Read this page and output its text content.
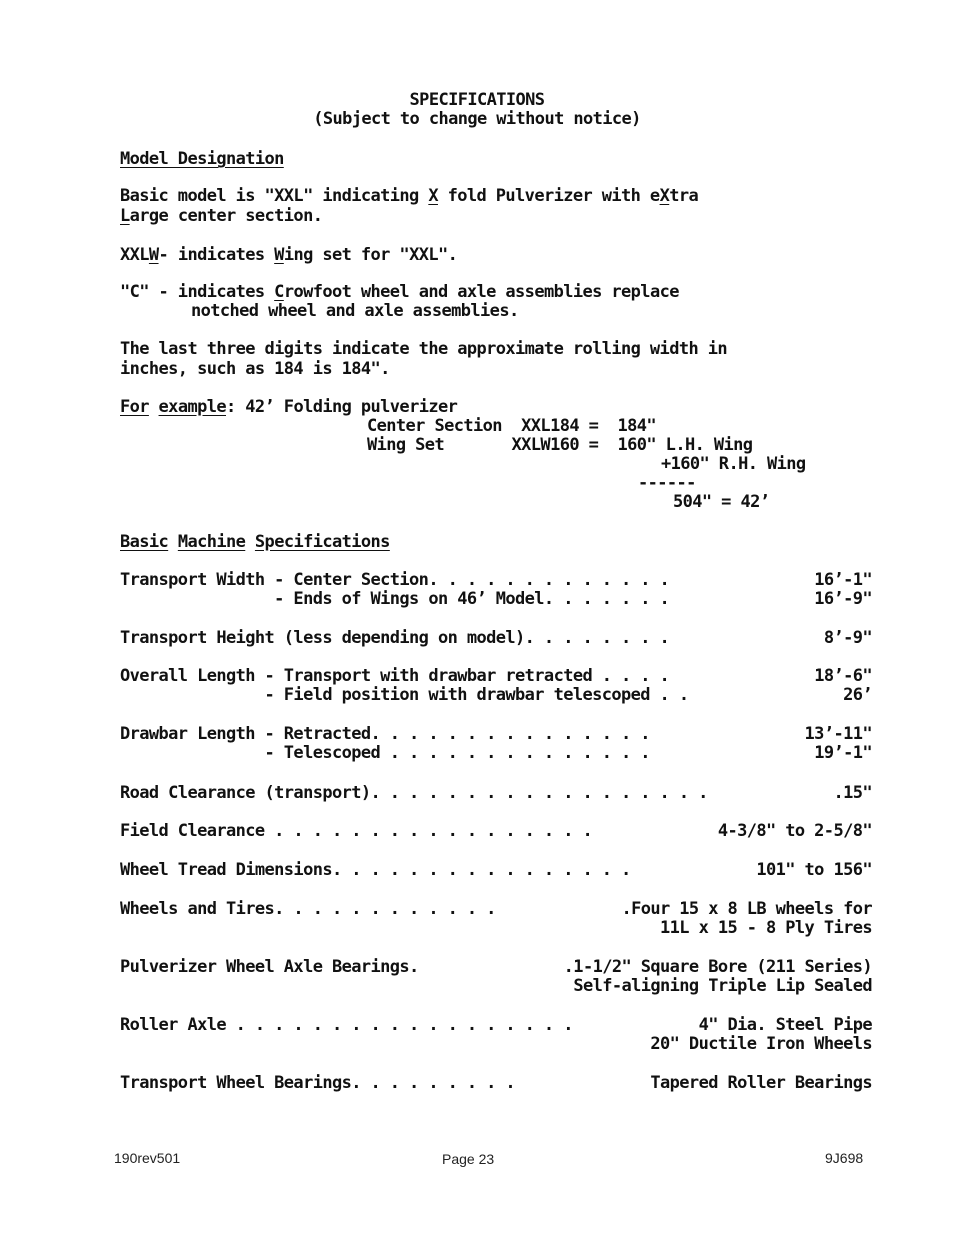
SPECIFICATIONS
(Subject to change without notice)
Model Designation
Basic model is "XXL" indicating X fold Pulverizer with eXtra
Large center section.
XXLW- indicates Wing set for "XXL".
"C" - indicates Crowfoot wheel and axle assemblies replace
notched wheel and axle assemblies.
The last three digits indicate the approximate rolling width in
inches, such as 184 is 184".
For example: 42’ Folding pulverizer
Center Section  XXL184 =  184"
Wing Set       XXLW160 =  160" L.H. Wing
+160" R.H. Wing
------
504" = 42’
Basic Machine Specifications
Transport Width - Center Section. . . . . . . . . . . . .	16’-1"
- Ends of Wings on 46’ Model. . . . . . .	16’-9"
Transport Height (less depending on model). . . . . . . .	8’-9"
Overall Length - Transport with drawbar retracted . . . .	18’-6"
- Field position with drawbar telescoped . .	26’
Drawbar Length - Retracted. . . . . . . . . . . . . . .	13’-11"
- Telescoped . . . . . . . . . . . . . .	19’-1"
Road Clearance (transport). . . . . . . . . . . . . . . . . .	.15"
Field Clearance . . . . . . . . . . . . . . . . .	4-3/8" to 2-5/8"
Wheel Tread Dimensions. . . . . . . . . . . . . . . .	101" to 156"
Wheels and Tires. . . . . . . . . . . .	.Four 15 x 8 LB wheels for
11L x 15 - 8 Ply Tires
Pulverizer Wheel Axle Bearings.	.1-1/2" Square Bore (211 Series)
Self-aligning Triple Lip Sealed
Roller Axle . . . . . . . . . . . . . . . . . .	4" Dia. Steel Pipe
20" Ductile Iron Wheels
Transport Wheel Bearings. . . . . . . . .	Tapered Roller Bearings
190rev501	Page 23	9J698
